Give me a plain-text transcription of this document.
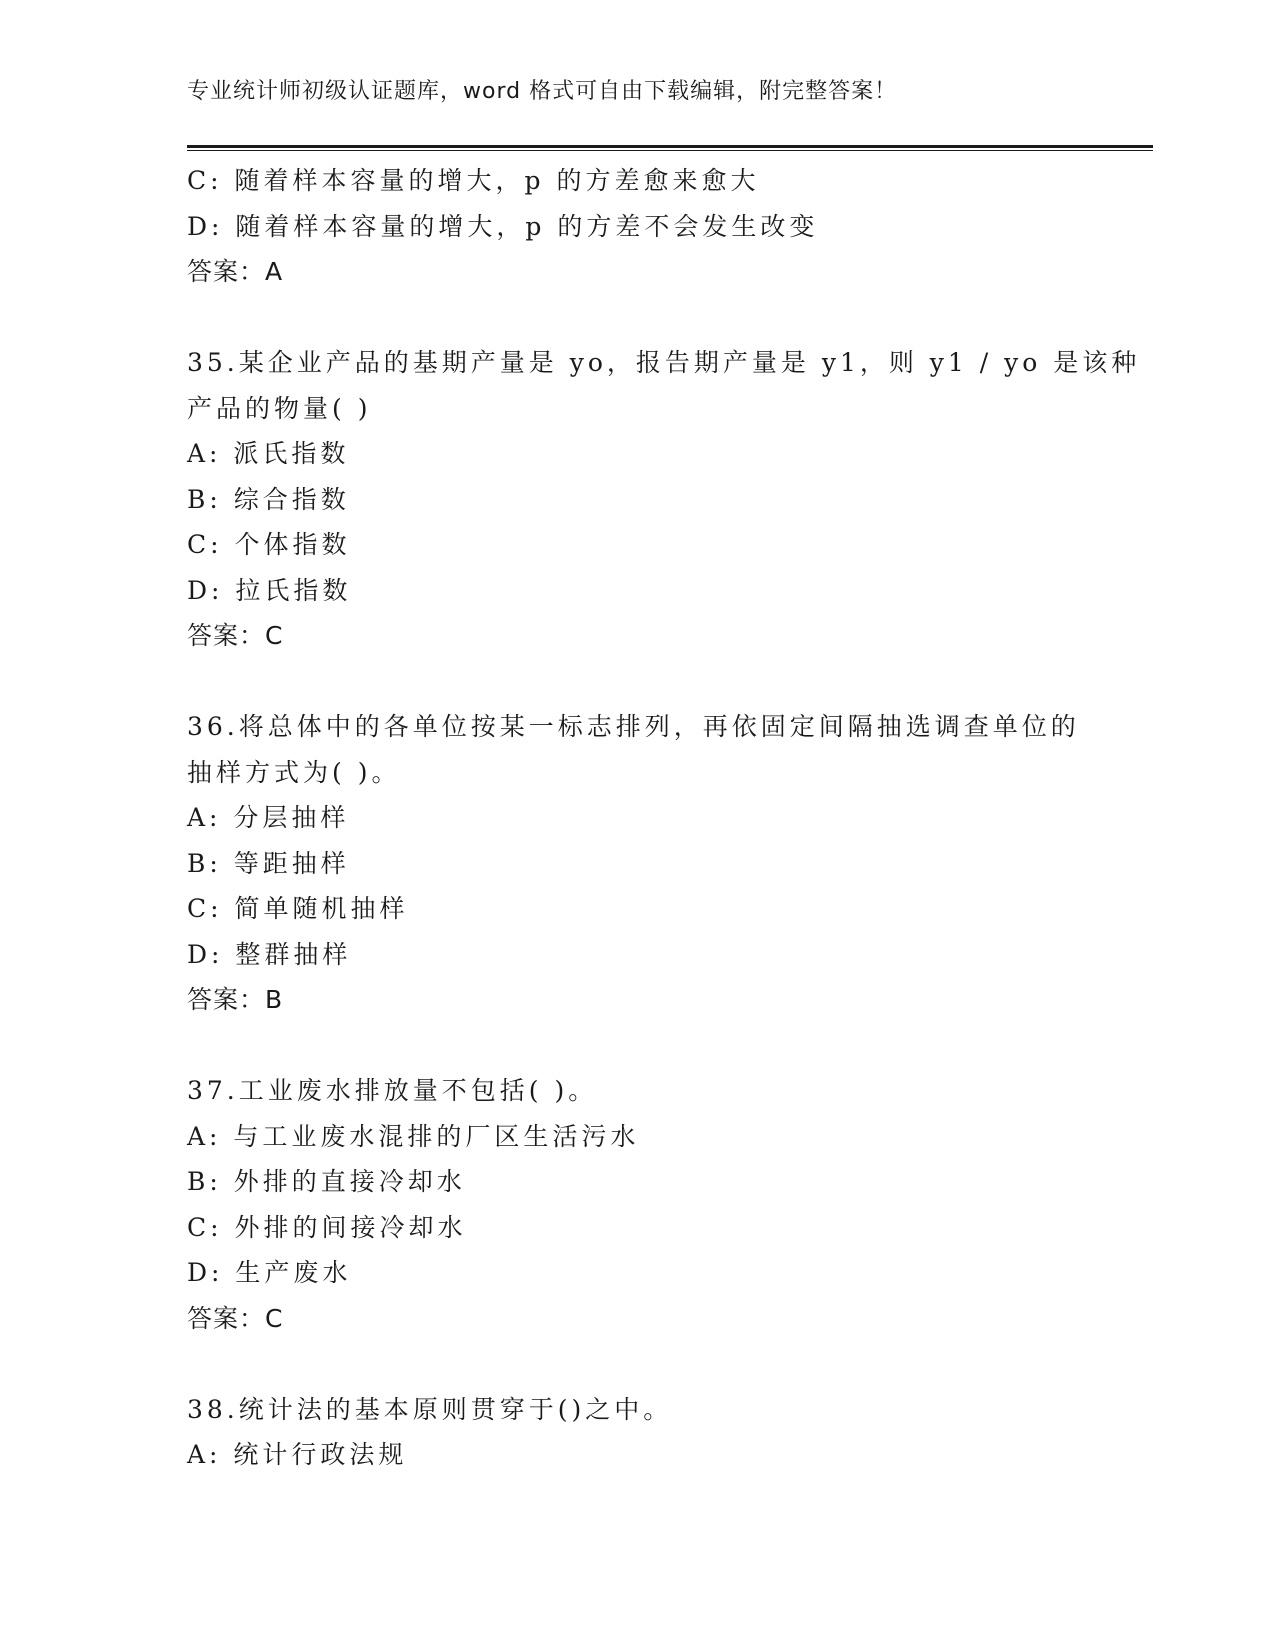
专业统计师初级认证题库，word 格式可自由下载编辑，附完整答案！
C: 随着样本容量的增大，p 的方差愈来愈大
D: 随着样本容量的增大，p 的方差不会发生改变
答案：A
35.某企业产品的基期产量是 yo，报告期产量是 y1，则 y1 / yo 是该种
产品的物量( )
A: 派氏指数
B: 综合指数
C: 个体指数
D: 拉氏指数
答案：C
36.将总体中的各单位按某一标志排列，再依固定间隔抽选调查单位的
抽样方式为( )。
A: 分层抽样
B: 等距抽样
C: 简单随机抽样
D: 整群抽样
答案：B
37.工业废水排放量不包括( )。
A: 与工业废水混排的厂区生活污水
B: 外排的直接冷却水
C: 外排的间接冷却水
D: 生产废水
答案：C
38.统计法的基本原则贯穿于()之中。
A: 统计行政法规
